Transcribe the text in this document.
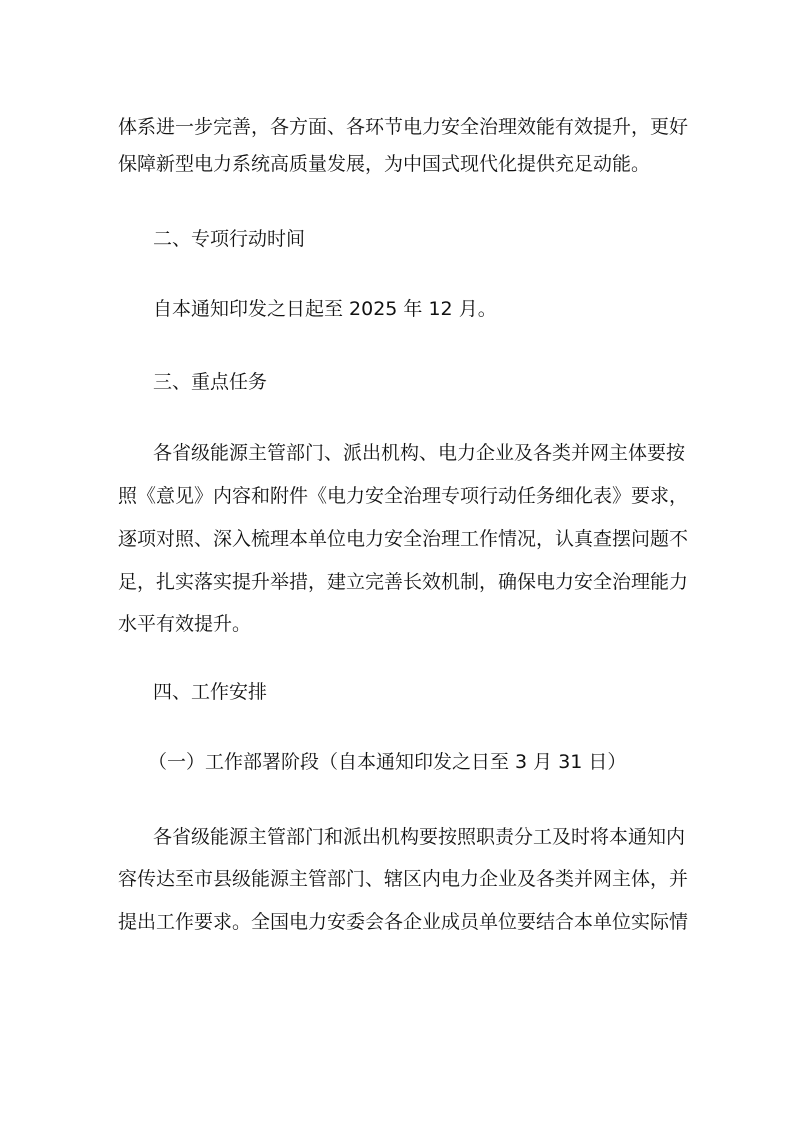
体系进一步完善，各方面、各环节电力安全治理效能有效提升，更好
保障新型电力系统高质量发展，为中国式现代化提供充足动能。
二、专项行动时间
自本通知印发之日起至 2025 年 12 月。
三、重点任务
各省级能源主管部门、派出机构、电力企业及各类并网主体要按
照《意见》内容和附件《电力安全治理专项行动任务细化表》要求，
逐项对照、深入梳理本单位电力安全治理工作情况，认真查摆问题不
足，扎实落实提升举措，建立完善长效机制，确保电力安全治理能力
水平有效提升。
四、工作安排
（一）工作部署阶段（自本通知印发之日至 3 月 31 日）
各省级能源主管部门和派出机构要按照职责分工及时将本通知内
容传达至市县级能源主管部门、辖区内电力企业及各类并网主体，并
提出工作要求。全国电力安委会各企业成员单位要结合本单位实际情
